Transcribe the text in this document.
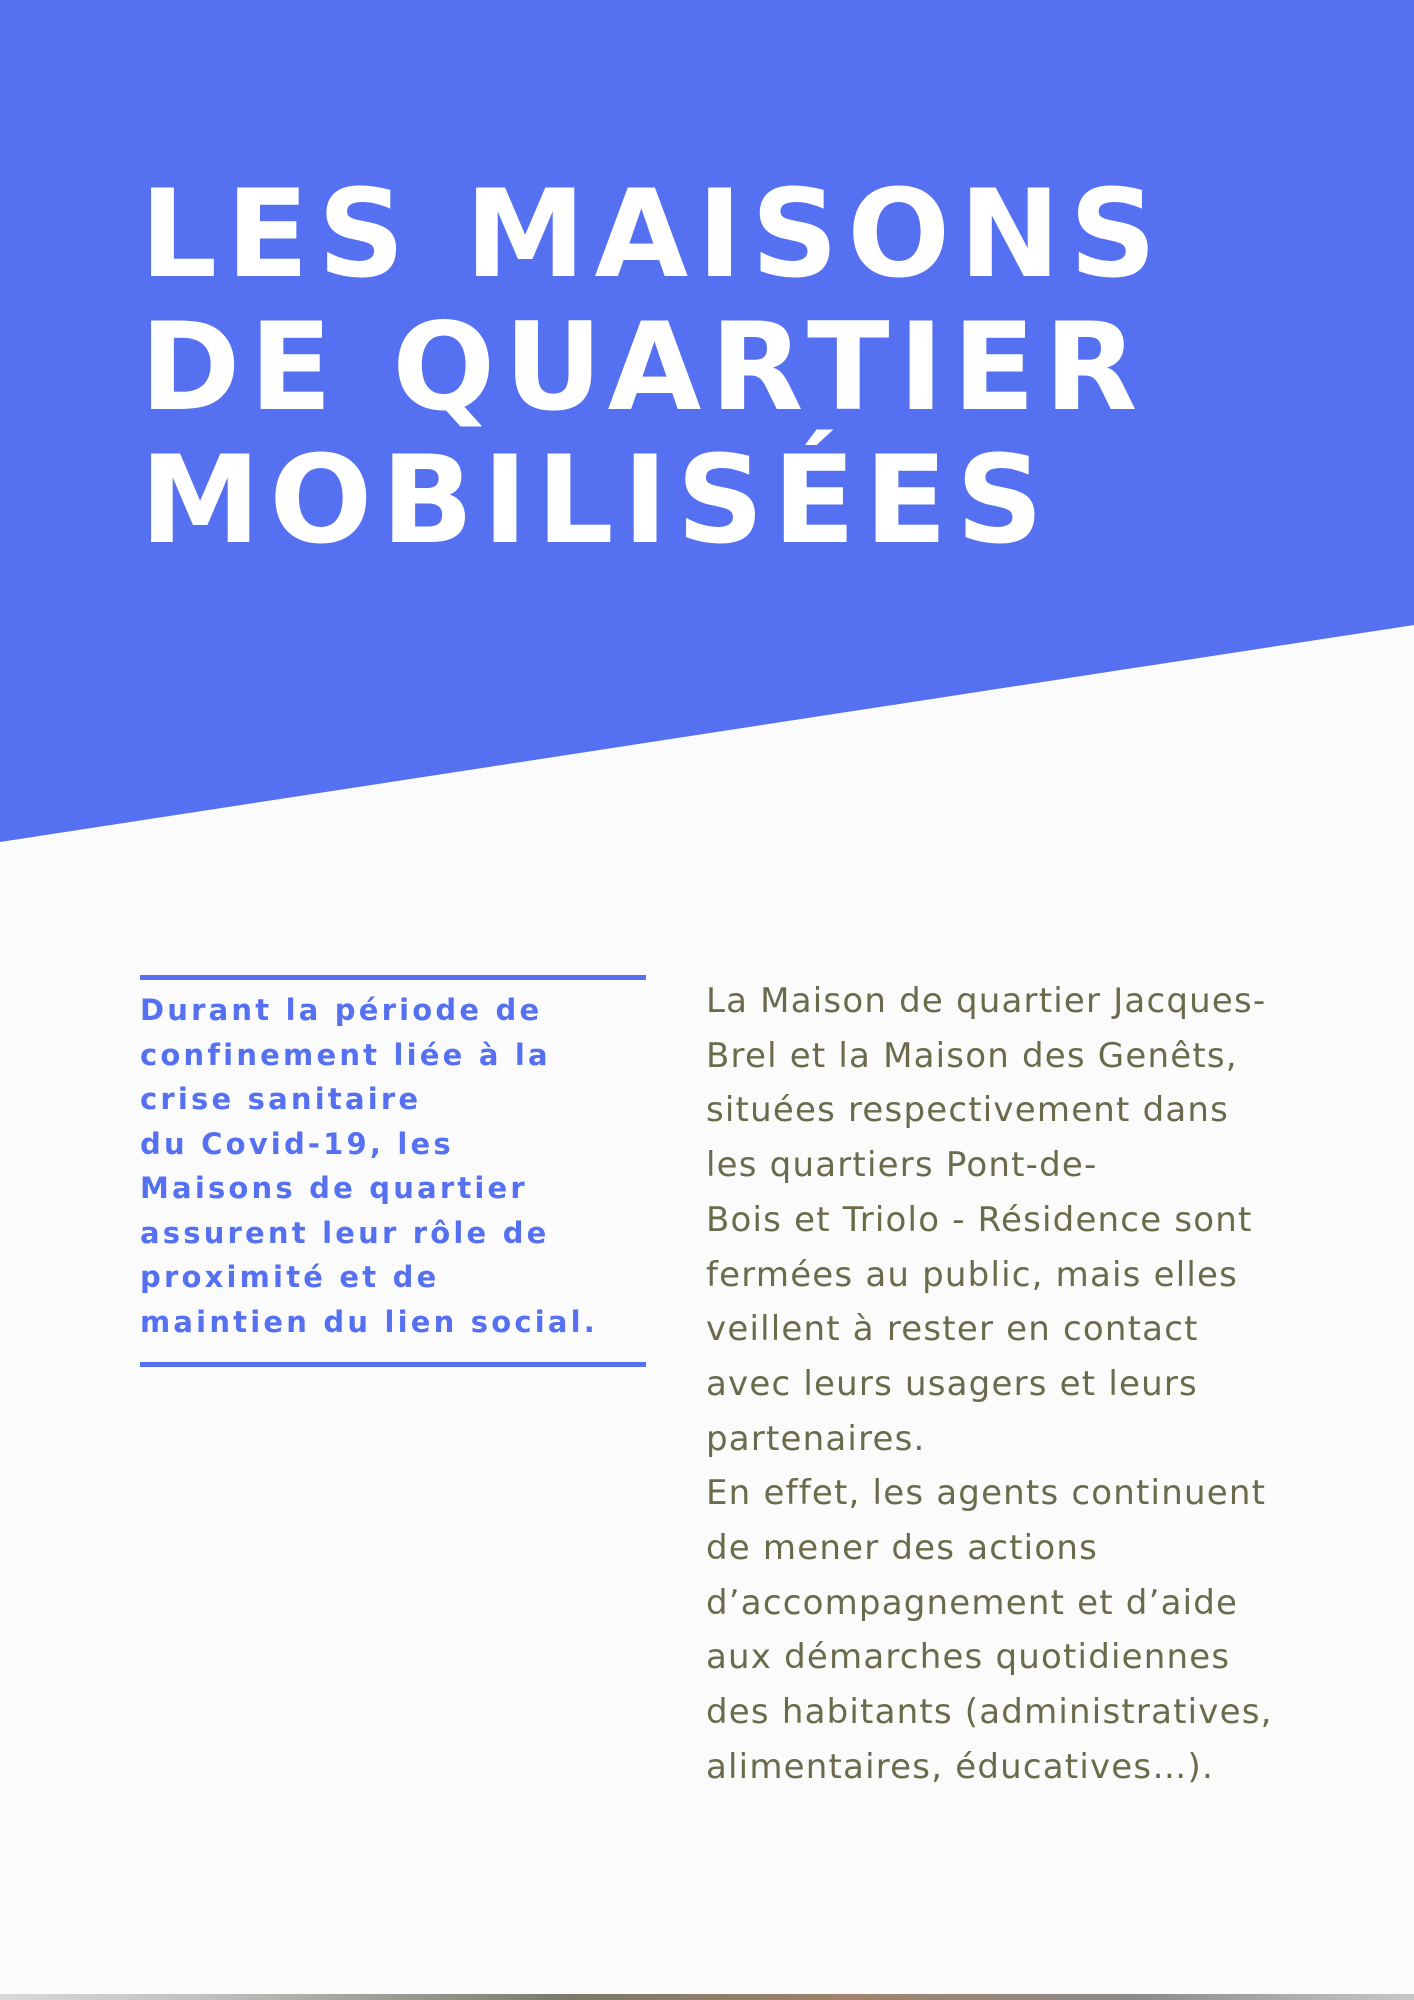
LES MAISONS
DE QUARTIER
MOBILISÉES

Durant la période de
confinement liée à la
crise sanitaire
du Covid-19, les
Maisons de quartier
assurent leur rôle de
proximité et de
maintien du lien social.

La Maison de quartier Jacques-
Brel et la Maison des Genêts,
situées respectivement dans
les quartiers Pont-de-
Bois et Triolo - Résidence sont
fermées au public, mais elles
veillent à rester en contact
avec leurs usagers et leurs
partenaires.

En effet, les agents continuent
de mener des actions
d’accompagnement et d’aide
aux démarches quotidiennes
des habitants (administratives,
alimentaires, éducatives…).
